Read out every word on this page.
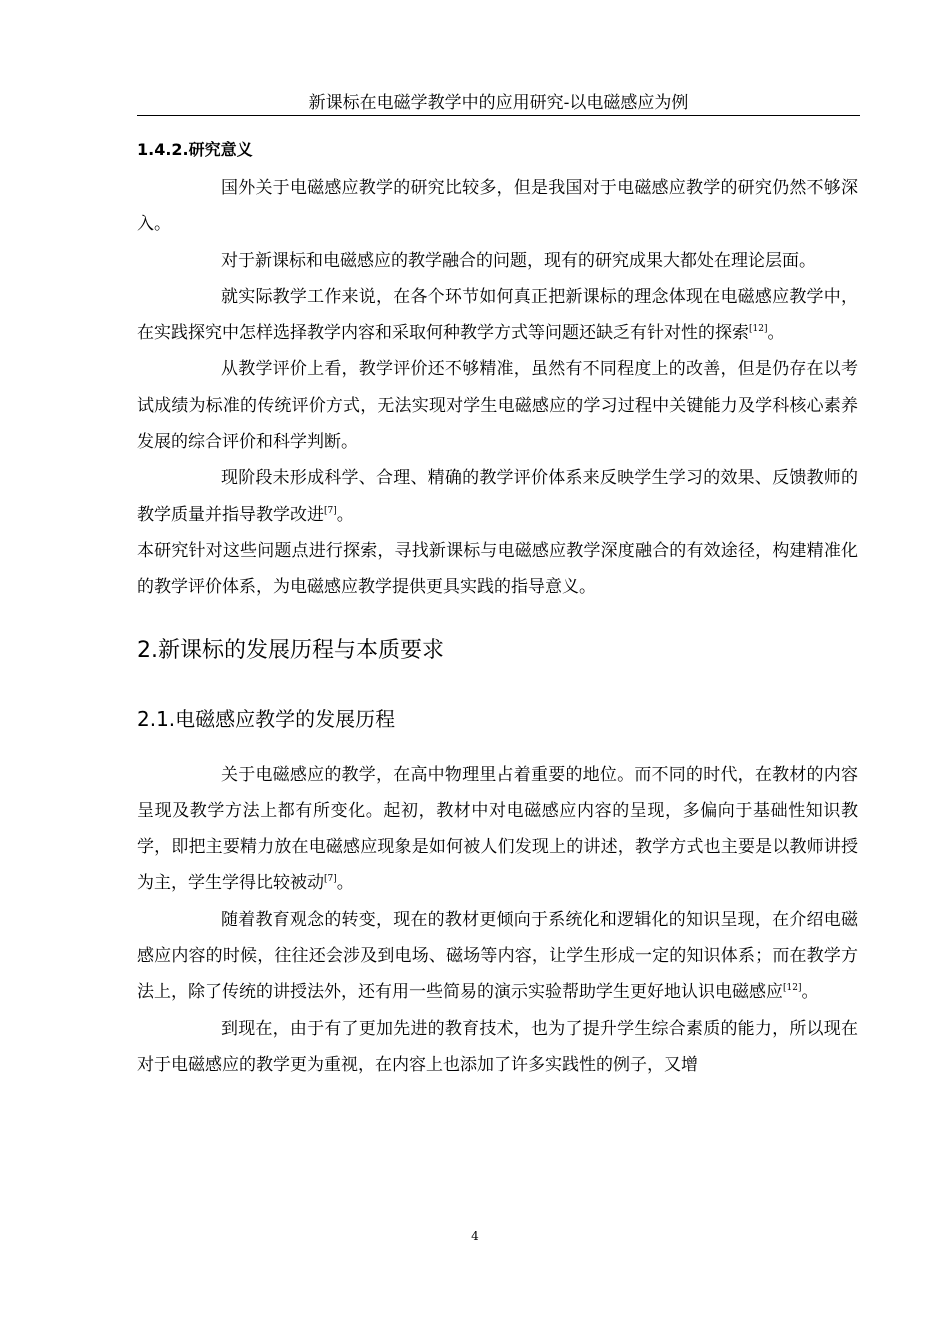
新课标在电磁学教学中的应用研究-以电磁感应为例
1.4.2.研究意义

国外关于电磁感应教学的研究比较多，但是我国对于电磁感应教学的研究仍然不够深入。

对于新课标和电磁感应的教学融合的问题，现有的研究成果大都处在理论层面。

就实际教学工作来说，在各个环节如何真正把新课标的理念体现在电磁感应教学中，在实践探究中怎样选择教学内容和采取何种教学方式等问题还缺乏有针对性的探索[12]。

从教学评价上看，教学评价还不够精准，虽然有不同程度上的改善，但是仍存在以考试成绩为标准的传统评价方式，无法实现对学生电磁感应的学习过程中关键能力及学科核心素养发展的综合评价和科学判断。

现阶段未形成科学、合理、精确的教学评价体系来反映学生学习的效果、反馈教师的教学质量并指导教学改进[7]。

本研究针对这些问题点进行探索，寻找新课标与电磁感应教学深度融合的有效途径，构建精准化的教学评价体系，为电磁感应教学提供更具实践的指导意义。

2.新课标的发展历程与本质要求
2.1.电磁感应教学的发展历程

关于电磁感应的教学，在高中物理里占着重要的地位。而不同的时代，在教材的内容呈现及教学方法上都有所变化。起初，教材中对电磁感应内容的呈现，多偏向于基础性知识教学，即把主要精力放在电磁感应现象是如何被人们发现上的讲述，教学方式也主要是以教师讲授为主，学生学得比较被动[7]。

随着教育观念的转变，现在的教材更倾向于系统化和逻辑化的知识呈现，在介绍电磁感应内容的时候，往往还会涉及到电场、磁场等内容，让学生形成一定的知识体系；而在教学方法上，除了传统的讲授法外，还有用一些简易的演示实验帮助学生更好地认识电磁感应[12]。

到现在，由于有了更加先进的教育技术，也为了提升学生综合素质的能力，所以现在对于电磁感应的教学更为重视，在内容上也添加了许多实践性的例子，又增

4
